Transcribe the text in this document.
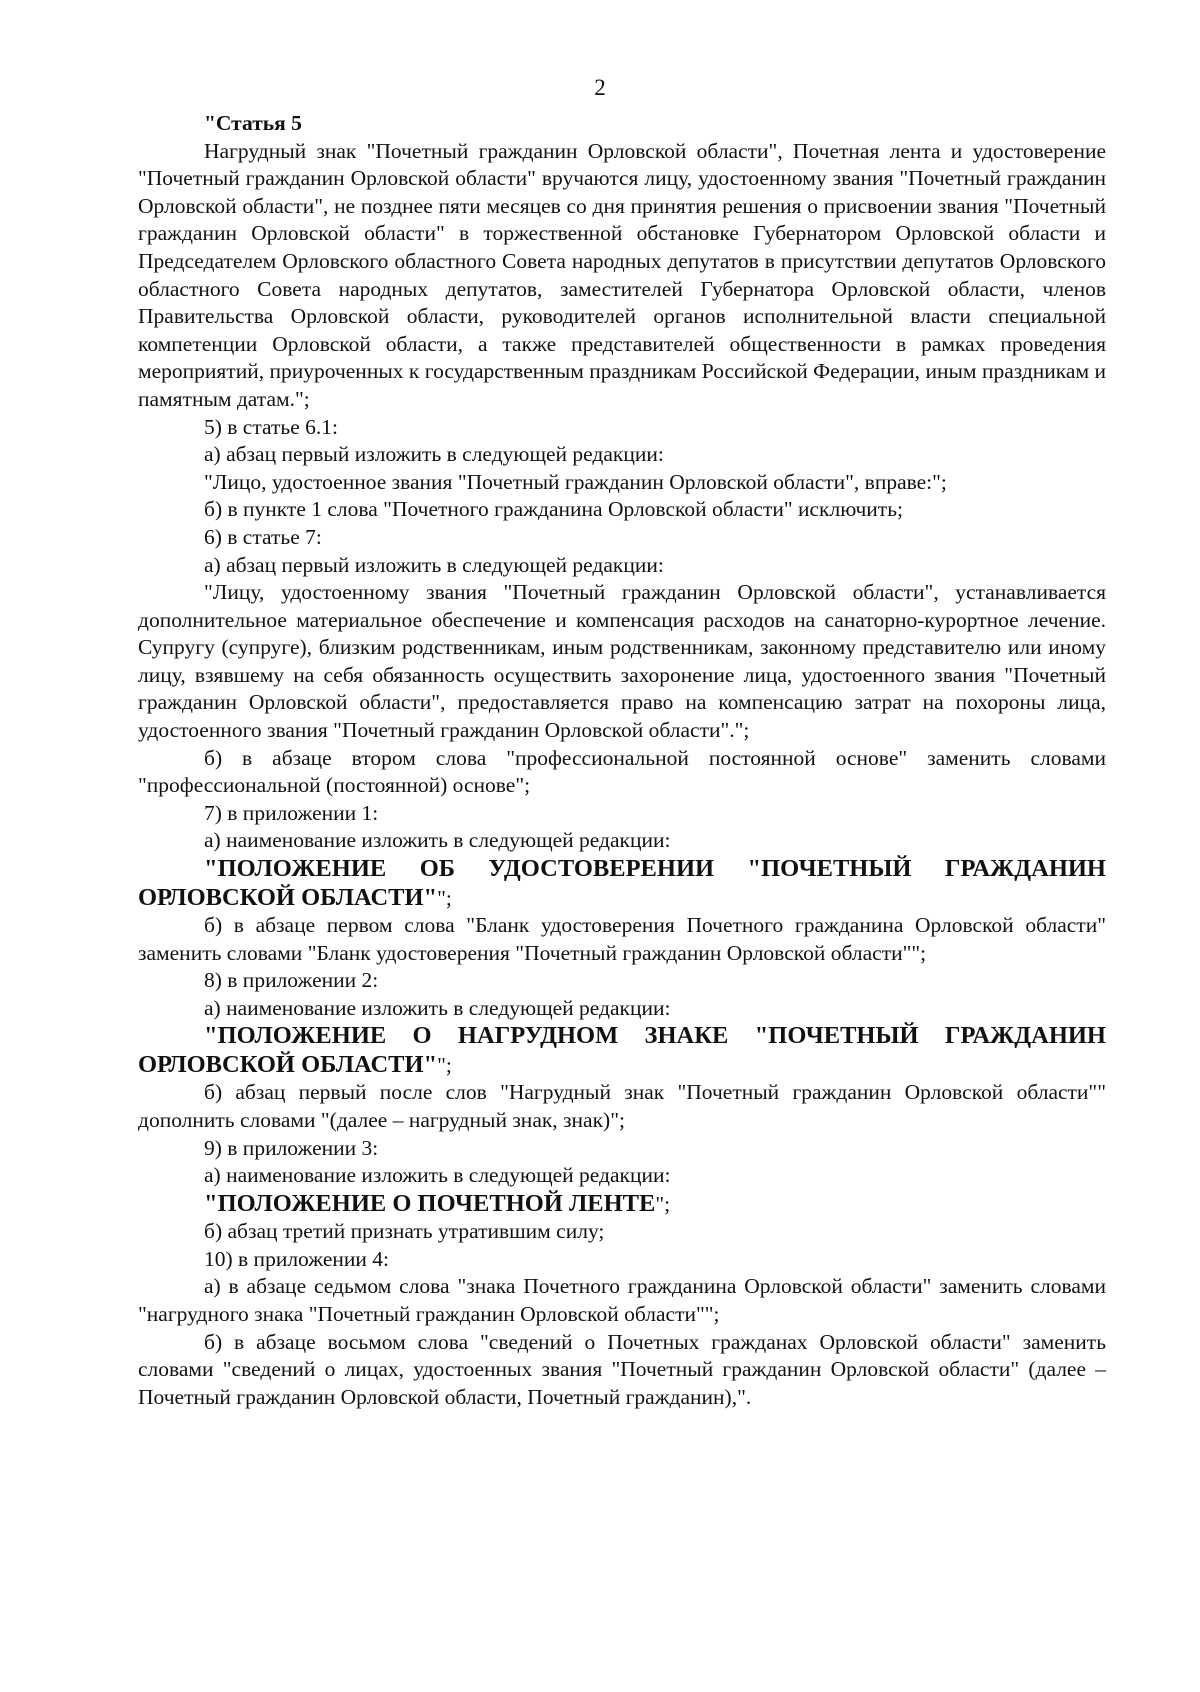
2

"Статья 5

Нагрудный знак "Почетный гражданин Орловской области", Почетная лента и удостоверение "Почетный гражданин Орловской области" вручаются лицу, удостоенному звания "Почетный гражданин Орловской области", не позднее пяти месяцев со дня принятия решения о присвоении звания "Почетный гражданин Орловской области" в торжественной обстановке Губернатором Орловской области и Председателем Орловского областного Совета народных депутатов в присутствии депутатов Орловского областного Совета народных депутатов, заместителей Губернатора Орловской области, членов Правительства Орловской области, руководителей органов исполнительной власти специальной компетенции Орловской области, а также представителей общественности в рамках проведения мероприятий, приуроченных к государственным праздникам Российской Федерации, иным праздникам и памятным датам.";

5) в статье 6.1:

а) абзац первый изложить в следующей редакции:

"Лицо, удостоенное звания "Почетный гражданин Орловской области", вправе:";

б) в пункте 1 слова "Почетного гражданина Орловской области" исключить;

6) в статье 7:

а) абзац первый изложить в следующей редакции:

"Лицу, удостоенному звания "Почетный гражданин Орловской области", устанавливается дополнительное материальное обеспечение и компенсация расходов на санаторно-курортное лечение. Супругу (супруге), близким родственникам, иным родственникам, законному представителю или иному лицу, взявшему на себя обязанность осуществить захоронение лица, удостоенного звания "Почетный гражданин Орловской области", предоставляется право на компенсацию затрат на похороны лица, удостоенного звания "Почетный гражданин Орловской области".";

б) в абзаце втором слова "профессиональной постоянной основе" заменить словами "профессиональной (постоянной) основе";

7) в приложении 1:

а) наименование изложить в следующей редакции:

"ПОЛОЖЕНИЕ ОБ УДОСТОВЕРЕНИИ "ПОЧЕТНЫЙ ГРАЖДАНИН ОРЛОВСКОЙ ОБЛАСТИ"";

б) в абзаце первом слова "Бланк удостоверения Почетного гражданина Орловской области" заменить словами "Бланк удостоверения "Почетный гражданин Орловской области"";

8) в приложении 2:

а) наименование изложить в следующей редакции:

"ПОЛОЖЕНИЕ О НАГРУДНОМ ЗНАКЕ "ПОЧЕТНЫЙ ГРАЖДАНИН ОРЛОВСКОЙ ОБЛАСТИ"";

б) абзац первый после слов "Нагрудный знак "Почетный гражданин Орловской области"" дополнить словами "(далее – нагрудный знак, знак)";

9) в приложении 3:

а) наименование изложить в следующей редакции:

"ПОЛОЖЕНИЕ О ПОЧЕТНОЙ ЛЕНТЕ";

б) абзац третий признать утратившим силу;

10) в приложении 4:

а) в абзаце седьмом слова "знака Почетного гражданина Орловской области" заменить словами "нагрудного знака "Почетный гражданин Орловской области"";

б) в абзаце восьмом слова "сведений о Почетных гражданах Орловской области" заменить словами "сведений о лицах, удостоенных звания "Почетный гражданин Орловской области" (далее – Почетный гражданин Орловской области, Почетный гражданин),".
